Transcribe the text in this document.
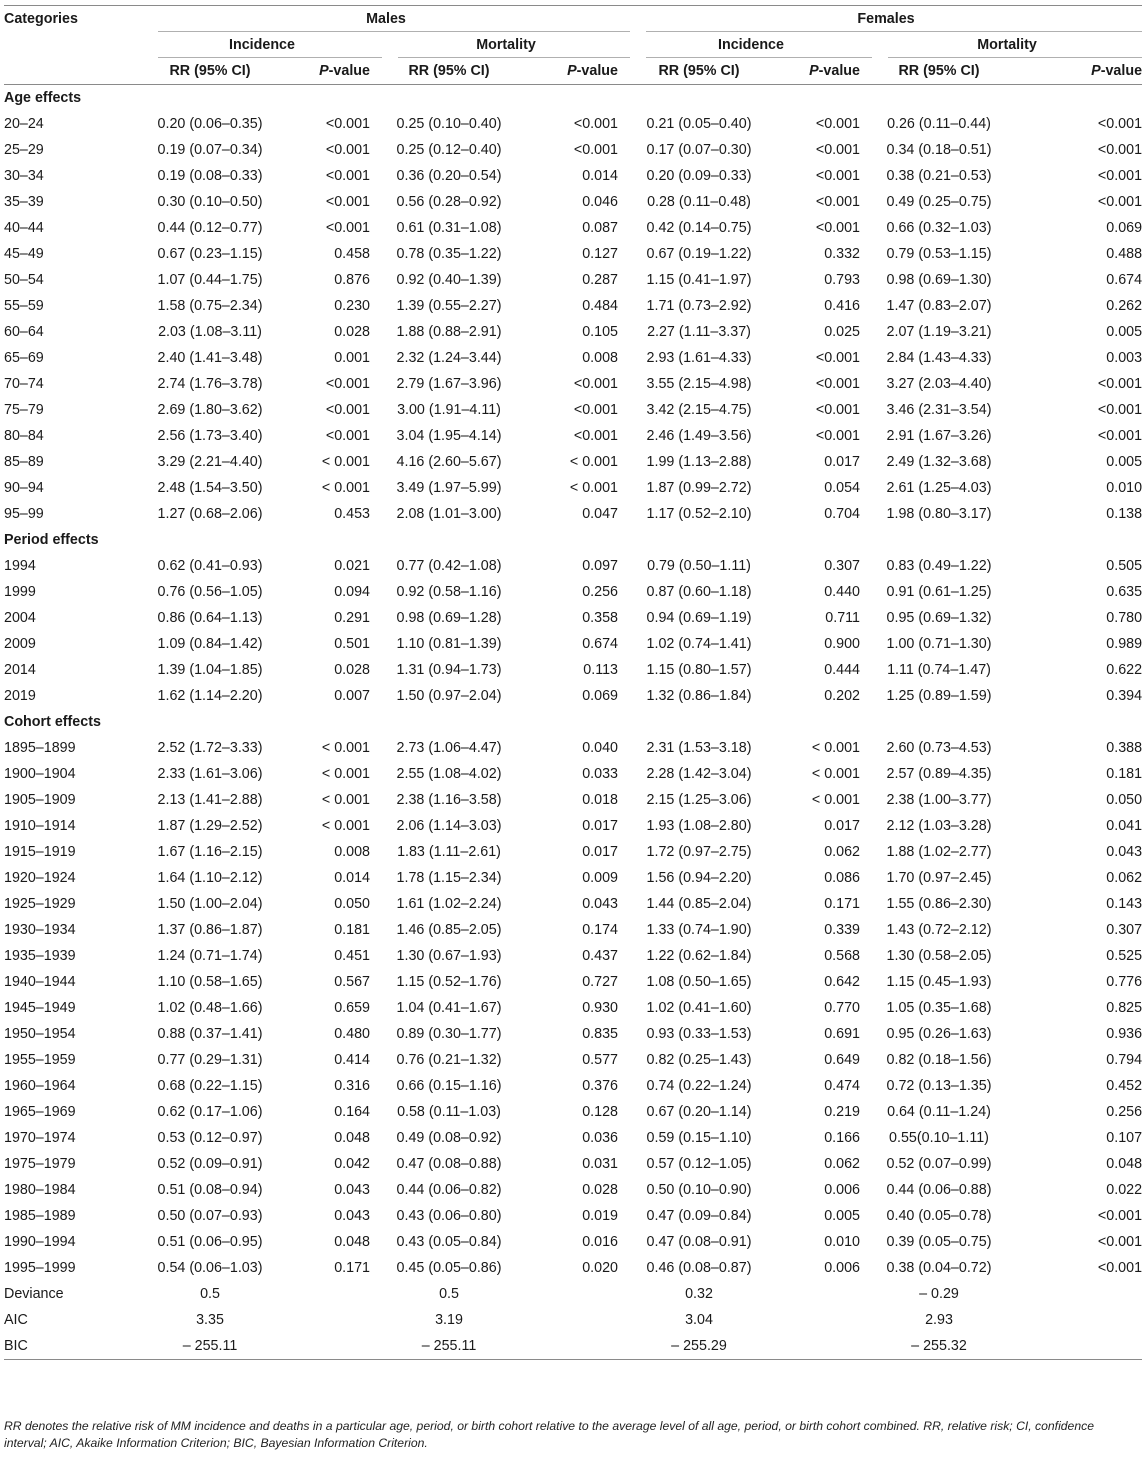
Categories	Males				Females			

	Incidence		Mortality		Incidence		Mortality	

	RR (95% CI)	P-value	RR (95% CI)	P-value	RR (95% CI)	P-value	RR (95% CI)	P-value
Age effects								
20–24	0.20 (0.06–0.35)	<0.001	0.25 (0.10–0.40)	<0.001	0.21 (0.05–0.40)	<0.001	0.26 (0.11–0.44)	<0.001
25–29	0.19 (0.07–0.34)	<0.001	0.25 (0.12–0.40)	<0.001	0.17 (0.07–0.30)	<0.001	0.34 (0.18–0.51)	<0.001
30–34	0.19 (0.08–0.33)	<0.001	0.36 (0.20–0.54)	0.014	0.20 (0.09–0.33)	<0.001	0.38 (0.21–0.53)	<0.001
35–39	0.30 (0.10–0.50)	<0.001	0.56 (0.28–0.92)	0.046	0.28 (0.11–0.48)	<0.001	0.49 (0.25–0.75)	<0.001
40–44	0.44 (0.12–0.77)	<0.001	0.61 (0.31–1.08)	0.087	0.42 (0.14–0.75)	<0.001	0.66 (0.32–1.03)	0.069
45–49	0.67 (0.23–1.15)	0.458	0.78 (0.35–1.22)	0.127	0.67 (0.19–1.22)	0.332	0.79 (0.53–1.15)	0.488
50–54	1.07 (0.44–1.75)	0.876	0.92 (0.40–1.39)	0.287	1.15 (0.41–1.97)	0.793	0.98 (0.69–1.30)	0.674
55–59	1.58 (0.75–2.34)	0.230	1.39 (0.55–2.27)	0.484	1.71 (0.73–2.92)	0.416	1.47 (0.83–2.07)	0.262
60–64	2.03 (1.08–3.11)	0.028	1.88 (0.88–2.91)	0.105	2.27 (1.11–3.37)	0.025	2.07 (1.19–3.21)	0.005
65–69	2.40 (1.41–3.48)	0.001	2.32 (1.24–3.44)	0.008	2.93 (1.61–4.33)	<0.001	2.84 (1.43–4.33)	0.003
70–74	2.74 (1.76–3.78)	<0.001	2.79 (1.67–3.96)	<0.001	3.55 (2.15–4.98)	<0.001	3.27 (2.03–4.40)	<0.001
75–79	2.69 (1.80–3.62)	<0.001	3.00 (1.91–4.11)	<0.001	3.42 (2.15–4.75)	<0.001	3.46 (2.31–3.54)	<0.001
80–84	2.56 (1.73–3.40)	<0.001	3.04 (1.95–4.14)	<0.001	2.46 (1.49–3.56)	<0.001	2.91 (1.67–3.26)	<0.001
85–89	3.29 (2.21–4.40)	< 0.001	4.16 (2.60–5.67)	< 0.001	1.99 (1.13–2.88)	0.017	2.49 (1.32–3.68)	0.005
90–94	2.48 (1.54–3.50)	< 0.001	3.49 (1.97–5.99)	< 0.001	1.87 (0.99–2.72)	0.054	2.61 (1.25–4.03)	0.010
95–99	1.27 (0.68–2.06)	0.453	2.08 (1.01–3.00)	0.047	1.17 (0.52–2.10)	0.704	1.98 (0.80–3.17)	0.138
Period effects								
1994	0.62 (0.41–0.93)	0.021	0.77 (0.42–1.08)	0.097	0.79 (0.50–1.11)	0.307	0.83 (0.49–1.22)	0.505
1999	0.76 (0.56–1.05)	0.094	0.92 (0.58–1.16)	0.256	0.87 (0.60–1.18)	0.440	0.91 (0.61–1.25)	0.635
2004	0.86 (0.64–1.13)	0.291	0.98 (0.69–1.28)	0.358	0.94 (0.69–1.19)	0.711	0.95 (0.69–1.32)	0.780
2009	1.09 (0.84–1.42)	0.501	1.10 (0.81–1.39)	0.674	1.02 (0.74–1.41)	0.900	1.00 (0.71–1.30)	0.989
2014	1.39 (1.04–1.85)	0.028	1.31 (0.94–1.73)	0.113	1.15 (0.80–1.57)	0.444	1.11 (0.74–1.47)	0.622
2019	1.62 (1.14–2.20)	0.007	1.50 (0.97–2.04)	0.069	1.32 (0.86–1.84)	0.202	1.25 (0.89–1.59)	0.394
Cohort effects								
1895–1899	2.52 (1.72–3.33)	< 0.001	2.73 (1.06–4.47)	0.040	2.31 (1.53–3.18)	< 0.001	2.60 (0.73–4.53)	0.388
1900–1904	2.33 (1.61–3.06)	< 0.001	2.55 (1.08–4.02)	0.033	2.28 (1.42–3.04)	< 0.001	2.57 (0.89–4.35)	0.181
1905–1909	2.13 (1.41–2.88)	< 0.001	2.38 (1.16–3.58)	0.018	2.15 (1.25–3.06)	< 0.001	2.38 (1.00–3.77)	0.050
1910–1914	1.87 (1.29–2.52)	< 0.001	2.06 (1.14–3.03)	0.017	1.93 (1.08–2.80)	0.017	2.12 (1.03–3.28)	0.041
1915–1919	1.67 (1.16–2.15)	0.008	1.83 (1.11–2.61)	0.017	1.72 (0.97–2.75)	0.062	1.88 (1.02–2.77)	0.043
1920–1924	1.64 (1.10–2.12)	0.014	1.78 (1.15–2.34)	0.009	1.56 (0.94–2.20)	0.086	1.70 (0.97–2.45)	0.062
1925–1929	1.50 (1.00–2.04)	0.050	1.61 (1.02–2.24)	0.043	1.44 (0.85–2.04)	0.171	1.55 (0.86–2.30)	0.143
1930–1934	1.37 (0.86–1.87)	0.181	1.46 (0.85–2.05)	0.174	1.33 (0.74–1.90)	0.339	1.43 (0.72–2.12)	0.307
1935–1939	1.24 (0.71–1.74)	0.451	1.30 (0.67–1.93)	0.437	1.22 (0.62–1.84)	0.568	1.30 (0.58–2.05)	0.525
1940–1944	1.10 (0.58–1.65)	0.567	1.15 (0.52–1.76)	0.727	1.08 (0.50–1.65)	0.642	1.15 (0.45–1.93)	0.776
1945–1949	1.02 (0.48–1.66)	0.659	1.04 (0.41–1.67)	0.930	1.02 (0.41–1.60)	0.770	1.05 (0.35–1.68)	0.825
1950–1954	0.88 (0.37–1.41)	0.480	0.89 (0.30–1.77)	0.835	0.93 (0.33–1.53)	0.691	0.95 (0.26–1.63)	0.936
1955–1959	0.77 (0.29–1.31)	0.414	0.76 (0.21–1.32)	0.577	0.82 (0.25–1.43)	0.649	0.82 (0.18–1.56)	0.794
1960–1964	0.68 (0.22–1.15)	0.316	0.66 (0.15–1.16)	0.376	0.74 (0.22–1.24)	0.474	0.72 (0.13–1.35)	0.452
1965–1969	0.62 (0.17–1.06)	0.164	0.58 (0.11–1.03)	0.128	0.67 (0.20–1.14)	0.219	0.64 (0.11–1.24)	0.256
1970–1974	0.53 (0.12–0.97)	0.048	0.49 (0.08–0.92)	0.036	0.59 (0.15–1.10)	0.166	0.55(0.10–1.11)	0.107
1975–1979	0.52 (0.09–0.91)	0.042	0.47 (0.08–0.88)	0.031	0.57 (0.12–1.05)	0.062	0.52 (0.07–0.99)	0.048
1980–1984	0.51 (0.08–0.94)	0.043	0.44 (0.06–0.82)	0.028	0.50 (0.10–0.90)	0.006	0.44 (0.06–0.88)	0.022
1985–1989	0.50 (0.07–0.93)	0.043	0.43 (0.06–0.80)	0.019	0.47 (0.09–0.84)	0.005	0.40 (0.05–0.78)	<0.001
1990–1994	0.51 (0.06–0.95)	0.048	0.43 (0.05–0.84)	0.016	0.47 (0.08–0.91)	0.010	0.39 (0.05–0.75)	<0.001
1995–1999	0.54 (0.06–1.03)	0.171	0.45 (0.05–0.86)	0.020	0.46 (0.08–0.87)	0.006	0.38 (0.04–0.72)	<0.001
Deviance	0.5		0.5		0.32		– 0.29	
AIC	3.35		3.19		3.04		2.93	
BIC	– 255.11		– 255.11		– 255.29		– 255.32	
RR denotes the relative risk of MM incidence and deaths in a particular age, period, or birth cohort relative to the average level of all age, period, or birth cohort combined. RR, relative risk; CI, confidence interval; AIC, Akaike Information Criterion; BIC, Bayesian Information Criterion.
